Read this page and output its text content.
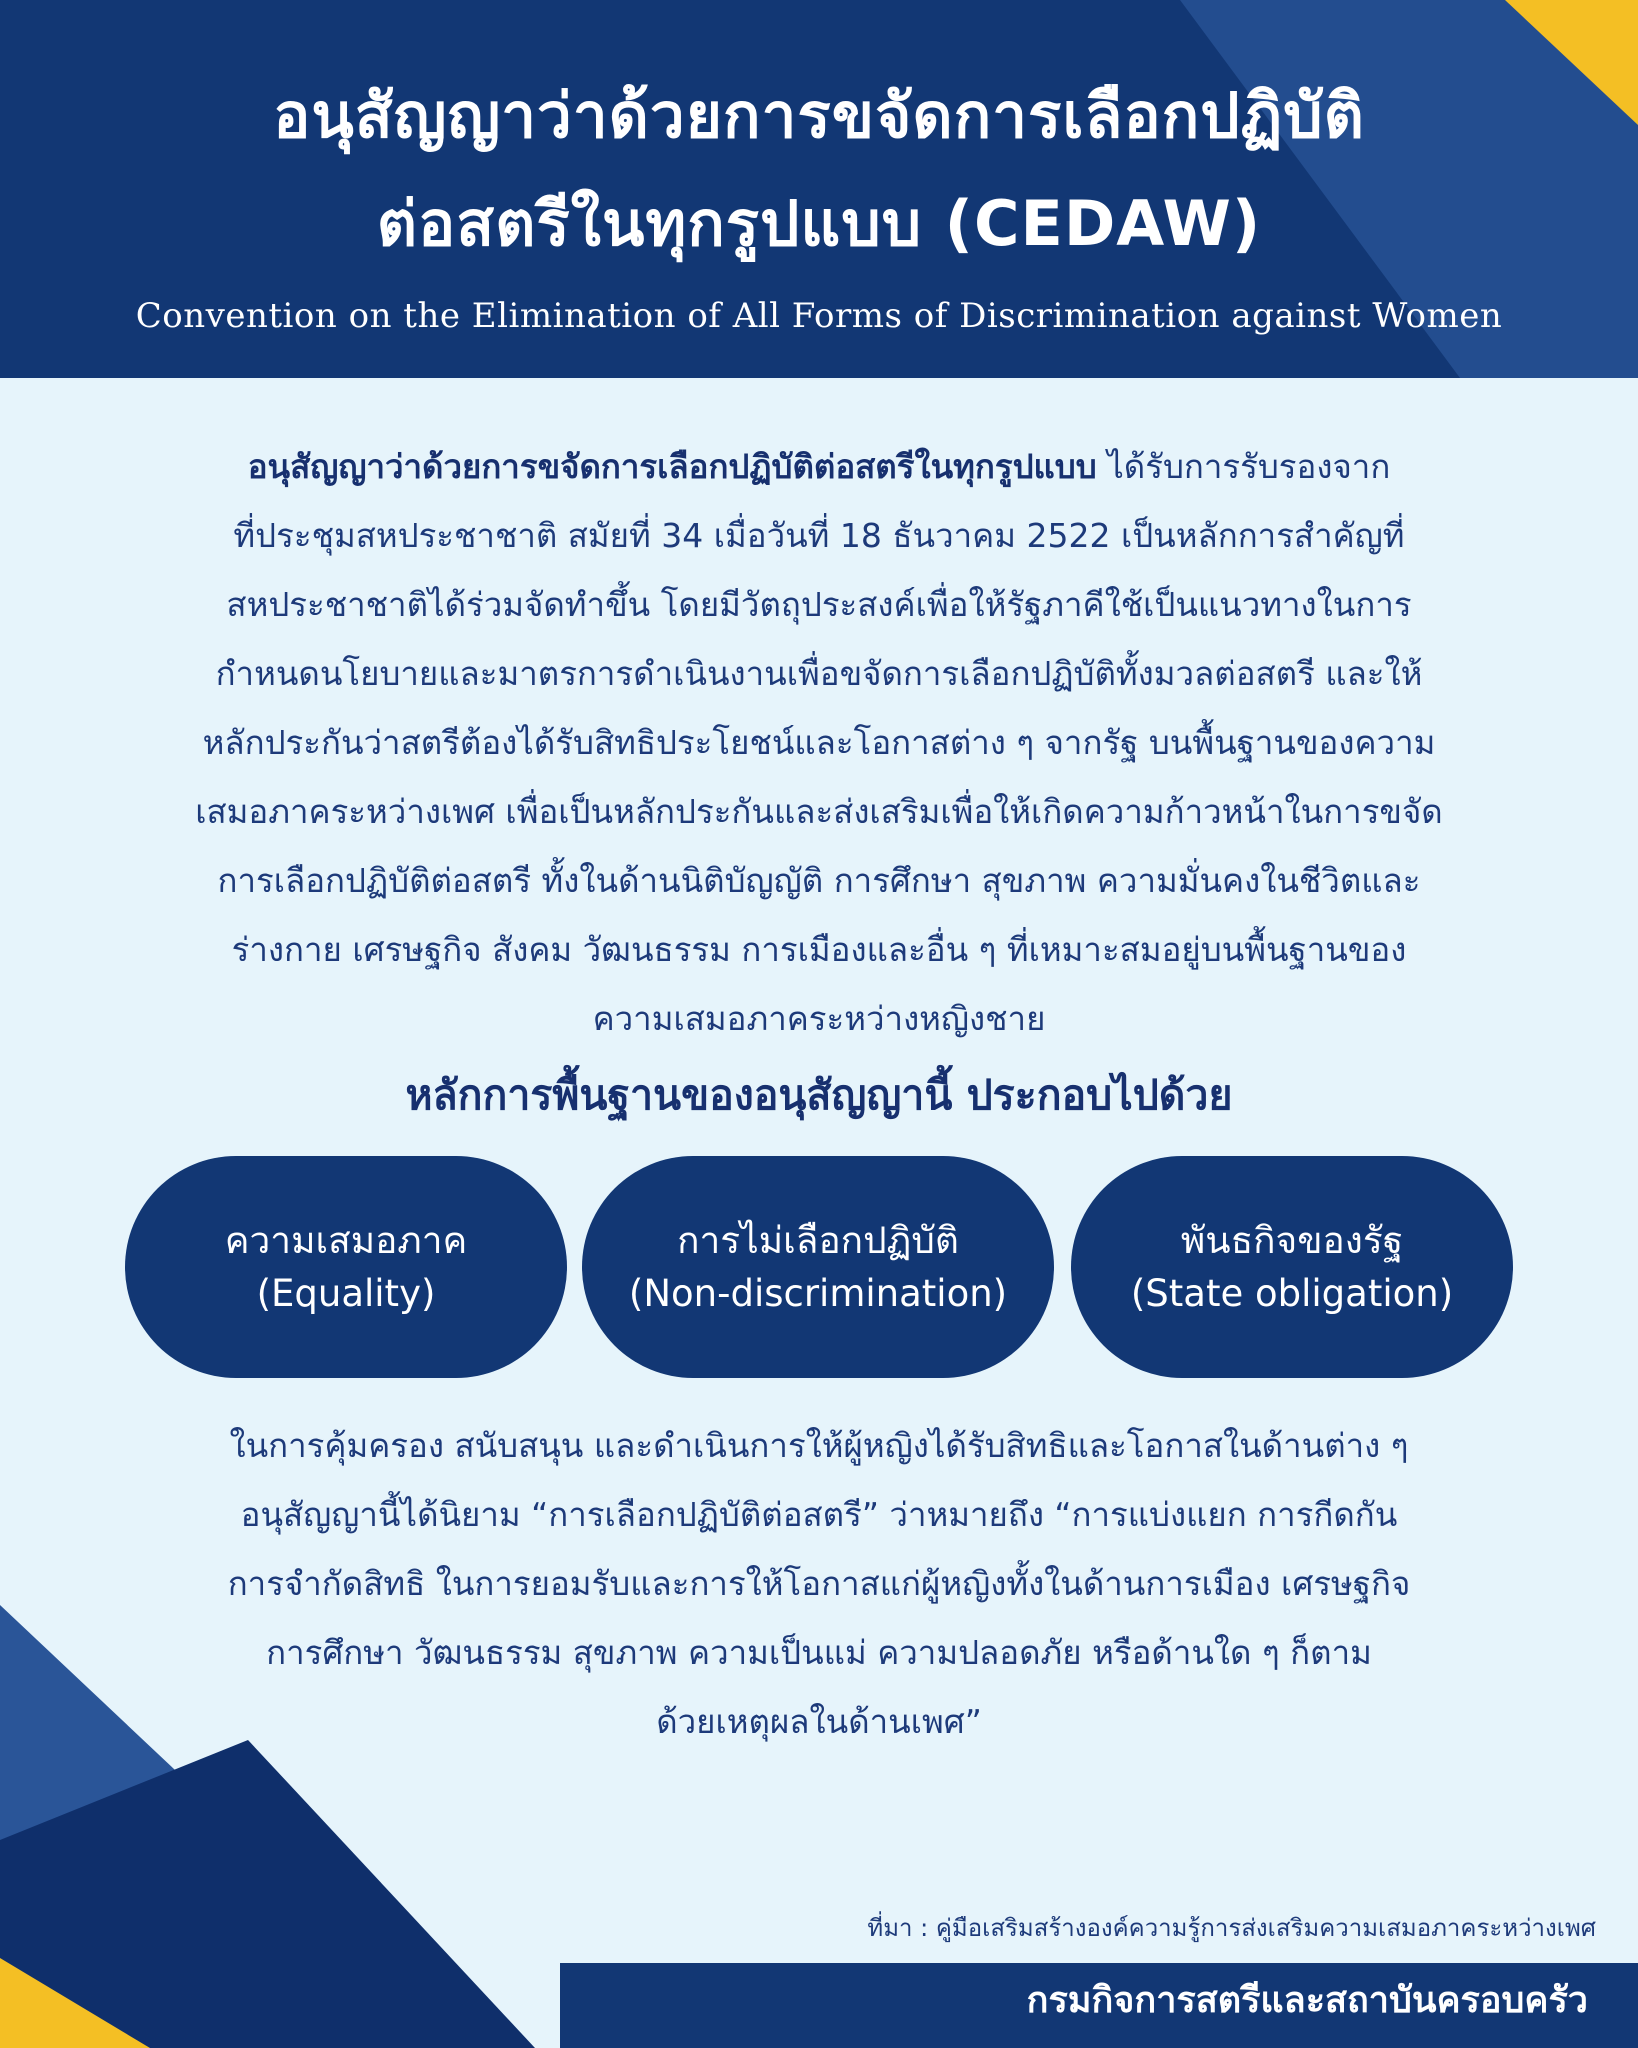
อนุสัญญาว่าด้วยการขจัดการเลือกปฏิบัติ
ต่อสตรีในทุกรูปแบบ (CEDAW)

Convention on the Elimination of All Forms of Discrimination against Women

อนุสัญญาว่าด้วยการขจัดการเลือกปฏิบัติต่อสตรีในทุกรูปแบบ ได้รับการรับรองจาก
ที่ประชุมสหประชาชาติ สมัยที่ 34 เมื่อวันที่ 18 ธันวาคม 2522 เป็นหลักการสำคัญที่
สหประชาชาติได้ร่วมจัดทำขึ้น โดยมีวัตถุประสงค์เพื่อให้รัฐภาคีใช้เป็นแนวทางในการ
กำหนดนโยบายและมาตรการดำเนินงานเพื่อขจัดการเลือกปฏิบัติทั้งมวลต่อสตรี และให้
หลักประกันว่าสตรีต้องได้รับสิทธิประโยชน์และโอกาสต่าง ๆ จากรัฐ บนพื้นฐานของความ
เสมอภาคระหว่างเพศ เพื่อเป็นหลักประกันและส่งเสริมเพื่อให้เกิดความก้าวหน้าในการขจัด
การเลือกปฏิบัติต่อสตรี ทั้งในด้านนิติบัญญัติ การศึกษา สุขภาพ ความมั่นคงในชีวิตและ
ร่างกาย เศรษฐกิจ สังคม วัฒนธรรม การเมืองและอื่น ๆ ที่เหมาะสมอยู่บนพื้นฐานของ
ความเสมอภาคระหว่างหญิงชาย

หลักการพื้นฐานของอนุสัญญานี้ ประกอบไปด้วย
ความเสมอภาค
(Equality)
การไม่เลือกปฏิบัติ
(Non-discrimination)
พันธกิจของรัฐ
(State obligation)

ในการคุ้มครอง สนับสนุน และดำเนินการให้ผู้หญิงได้รับสิทธิและโอกาสในด้านต่าง ๆ
อนุสัญญานี้ได้นิยาม “การเลือกปฏิบัติต่อสตรี” ว่าหมายถึง “การแบ่งแยก การกีดกัน
การจำกัดสิทธิ ในการยอมรับและการให้โอกาสแก่ผู้หญิงทั้งในด้านการเมือง เศรษฐกิจ
การศึกษา วัฒนธรรม สุขภาพ ความเป็นแม่ ความปลอดภัย หรือด้านใด ๆ ก็ตาม
ด้วยเหตุผลในด้านเพศ”

ที่มา : คู่มือเสริมสร้างองค์ความรู้การส่งเสริมความเสมอภาคระหว่างเพศ

กรมกิจการสตรีและสถาบันครอบครัว
